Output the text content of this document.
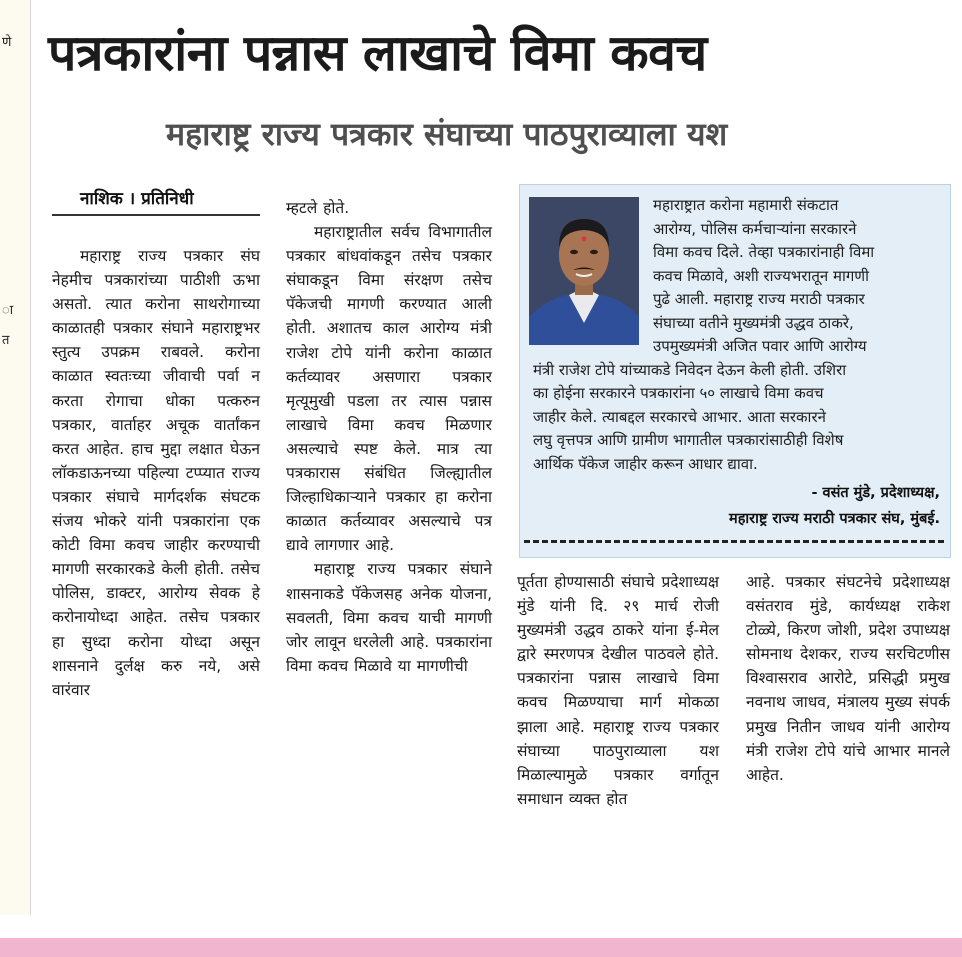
णे
ा
त
पत्रकारांना पन्नास लाखाचे विमा कवच
महाराष्ट्र राज्य पत्रकार संघाच्या पाठपुराव्याला यश
नाशिक । प्रतिनिधी

महाराष्ट्र राज्य पत्रकार संघ नेहमीच पत्रकारांच्या पाठीशी ऊभा असतो. त्यात करोना साथरोगाच्या काळातही पत्रकार संघाने महाराष्ट्रभर स्तुत्य उपक्रम राबवले. करोना काळात स्वतःच्या जीवाची पर्वा न करता रोगाचा धोका पत्करुन पत्रकार, वार्ताहर अचूक वार्तांकन करत आहेत. हाच मुद्दा लक्षात घेऊन लॉकडाऊनच्या पहिल्या टप्प्यात राज्य पत्रकार संघाचे मार्गदर्शक संघटक संजय भोकरे यांनी पत्रकारांना एक कोटी विमा कवच जाहीर करण्याची मागणी सरकारकडे केली होती. तसेच पोलिस, डाक्टर, आरोग्य सेवक हे करोनायोध्दा आहेत. तसेच पत्रकार हा सुध्दा करोना योध्दा असून शासनाने दुर्लक्ष करु नये, असे वारंवार

म्हटले होते.

महाराष्ट्रातील सर्वच विभागातील पत्रकार बांधवांकडून तसेच पत्रकार संघाकडून विमा संरक्षण तसेच पॅकेजची मागणी करण्यात आली होती. अशातच काल आरोग्य मंत्री राजेश टोपे यांनी करोना काळात कर्तव्यावर असणारा पत्रकार मृत्यूमुखी पडला तर त्यास पन्नास लाखाचे विमा कवच मिळणार असल्याचे स्पष्ट केले. मात्र त्या पत्रकारास संबंधित जिल्ह्यातील जिल्हाधिकाऱ्याने पत्रकार हा करोना काळात कर्तव्यावर असल्याचे पत्र द्यावे लागणार आहे.

महाराष्ट्र राज्य पत्रकार संघाने शासनाकडे पॅकेजसह अनेक योजना, सवलती, विमा कवच याची मागणी जोर लावून धरलेली आहे. पत्रकारांना विमा कवच मिळावे या मागणीची

महाराष्ट्रात करोना महामारी संकटात
आरोग्य, पोलिस कर्मचाऱ्यांना सरकारने
विमा कवच दिले. तेव्हा पत्रकारांनाही विमा
कवच मिळावे, अशी राज्यभरातून मागणी
पुढे आली. महाराष्ट्र राज्य मराठी पत्रकार
संघाच्या वतीने मुख्यमंत्री उद्धव ठाकरे,
उपमुख्यमंत्री अजित पवार आणि आरोग्य
मंत्री राजेश टोपे यांच्याकडे निवेदन देऊन केली होती. उशिरा
का होईना सरकारने पत्रकारांना ५० लाखाचे विमा कवच
जाहीर केले. त्याबद्दल सरकारचे आभार. आता सरकारने
लघु वृत्तपत्र आणि ग्रामीण भागातील पत्रकारांसाठीही विशेष
आर्थिक पॅकेज जाहीर करून आधार द्यावा.
- वसंत मुंडे, प्रदेशाध्यक्ष,
महाराष्ट्र राज्य मराठी पत्रकार संघ, मुंबई.

पूर्तता होण्यासाठी संघाचे प्रदेशाध्यक्ष मुंडे यांनी दि. २९ मार्च रोजी मुख्यमंत्री उद्धव ठाकरे यांना ई-मेल द्वारे स्मरणपत्र देखील पाठवले होते. पत्रकारांना पन्नास लाखाचे विमा कवच मिळण्याचा मार्ग मोकळा झाला आहे. महाराष्ट्र राज्य पत्रकार संघाच्या पाठपुराव्याला यश मिळाल्यामुळे पत्रकार वर्गातून समाधान व्यक्त होत

आहे. पत्रकार संघटनेचे प्रदेशाध्यक्ष वसंतराव मुंडे, कार्यध्यक्ष राकेश टोळ्ये, किरण जोशी, प्रदेश उपाध्यक्ष सोमनाथ देशकर, राज्य सरचिटणीस विश्वासराव आरोटे, प्रसिद्धी प्रमुख नवनाथ जाधव, मंत्रालय मुख्य संपर्क प्रमुख नितीन जाधव यांनी आरोग्य मंत्री राजेश टोपे यांचे आभार मानले आहेत.
